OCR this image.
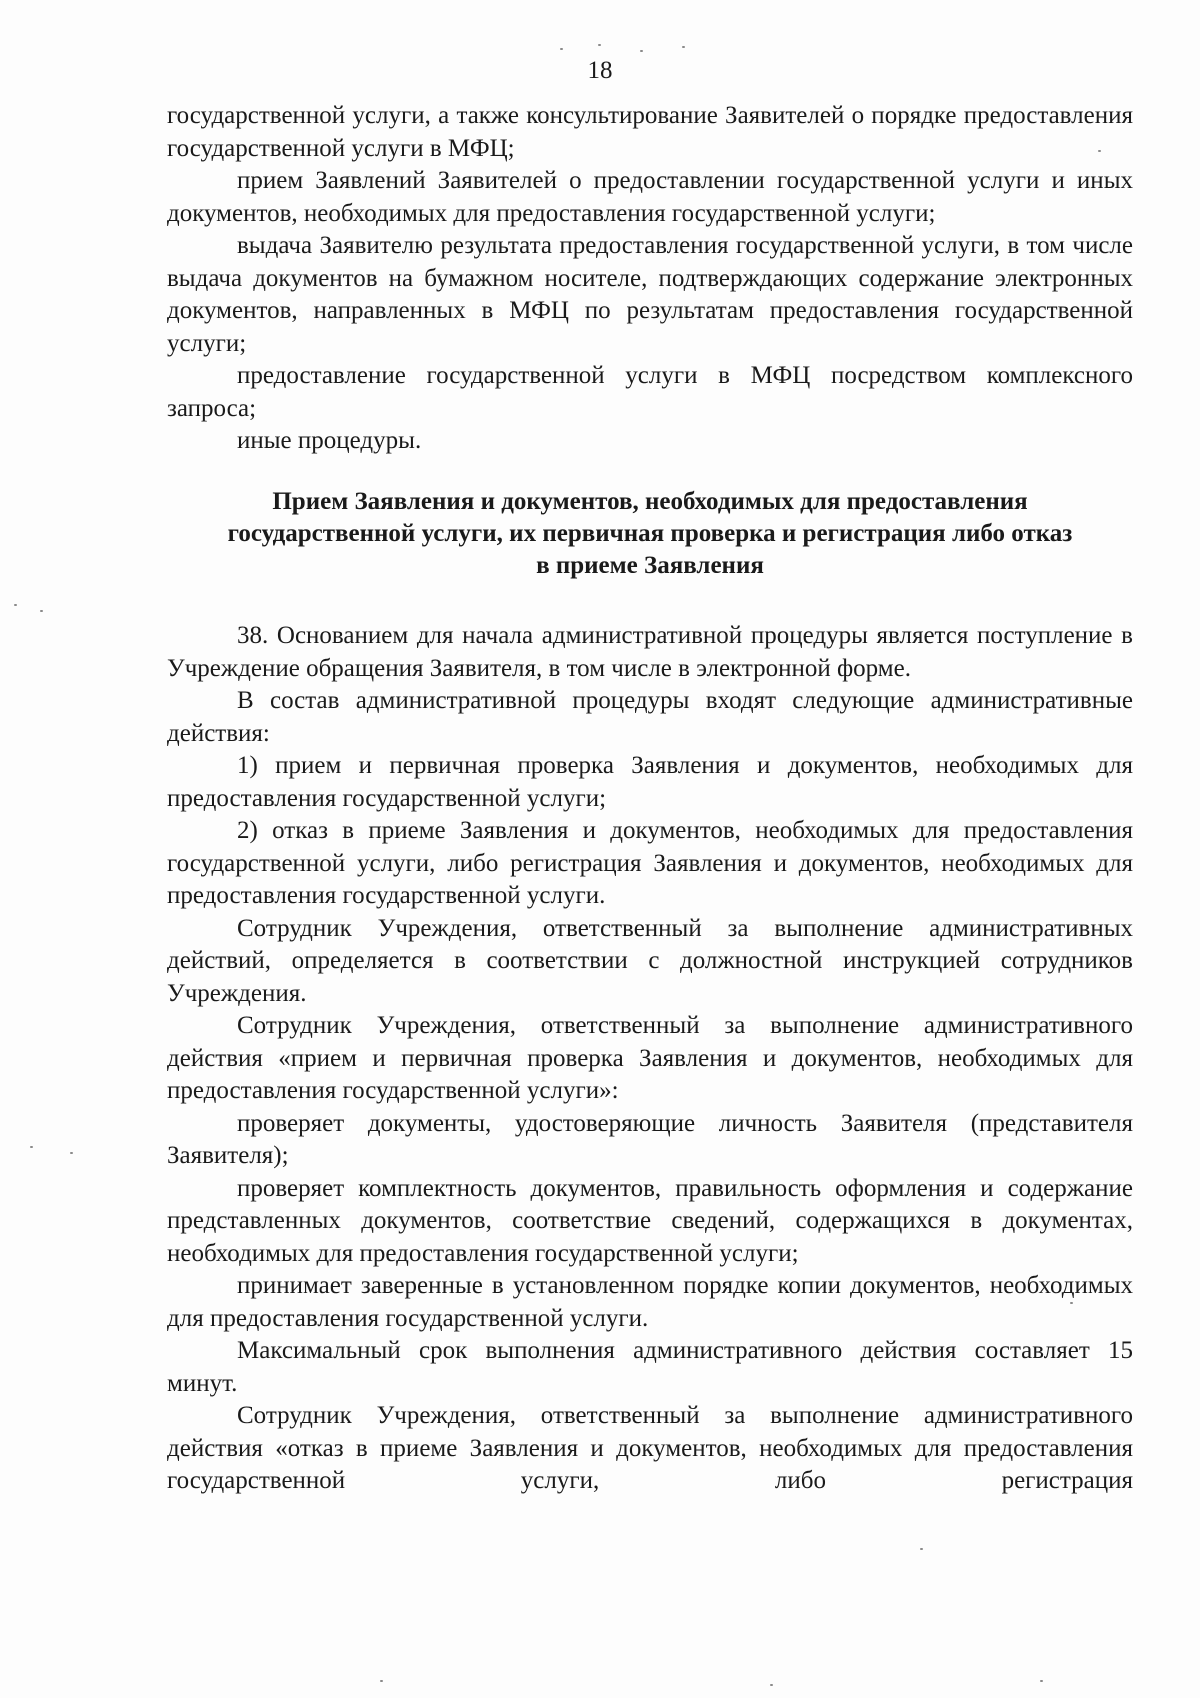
18

государственной услуги, а также консультирование Заявителей о порядке предоставления государственной услуги в МФЦ;

прием Заявлений Заявителей о предоставлении государственной услуги и иных документов, необходимых для предоставления государственной услуги;

выдача Заявителю результата предоставления государственной услуги, в том числе выдача документов на бумажном носителе, подтверждающих содержание электронных документов, направленных в МФЦ по результатам предоставления государственной услуги;

предоставление государственной услуги в МФЦ посредством комплексного запроса;

иные процедуры.

Прием Заявления и документов, необходимых для предоставления
государственной услуги, их первичная проверка и регистрация либо отказ
в приеме Заявления

38. Основанием для начала административной процедуры является поступление в Учреждение обращения Заявителя, в том числе в электронной форме.

В состав административной процедуры входят следующие административные действия:

1) прием и первичная проверка Заявления и документов, необходимых для предоставления государственной услуги;

2) отказ в приеме Заявления и документов, необходимых для предоставления государственной услуги, либо регистрация Заявления и документов, необходимых для предоставления государственной услуги.

Сотрудник Учреждения, ответственный за выполнение административных действий, определяется в соответствии с должностной инструкцией сотрудников Учреждения.

Сотрудник Учреждения, ответственный за выполнение административного действия «прием и первичная проверка Заявления и документов, необходимых для предоставления государственной услуги»:

проверяет документы, удостоверяющие личность Заявителя (представителя Заявителя);

проверяет комплектность документов, правильность оформления и содержание представленных документов, соответствие сведений, содержащихся в документах, необходимых для предоставления государственной услуги;

принимает заверенные в установленном порядке копии документов, необходимых для предоставления государственной услуги.

Максимальный срок выполнения административного действия составляет 15 минут.

Сотрудник Учреждения, ответственный за выполнение административного действия «отказ в приеме Заявления и документов, необходимых для предоставления государственной услуги, либо регистрация
